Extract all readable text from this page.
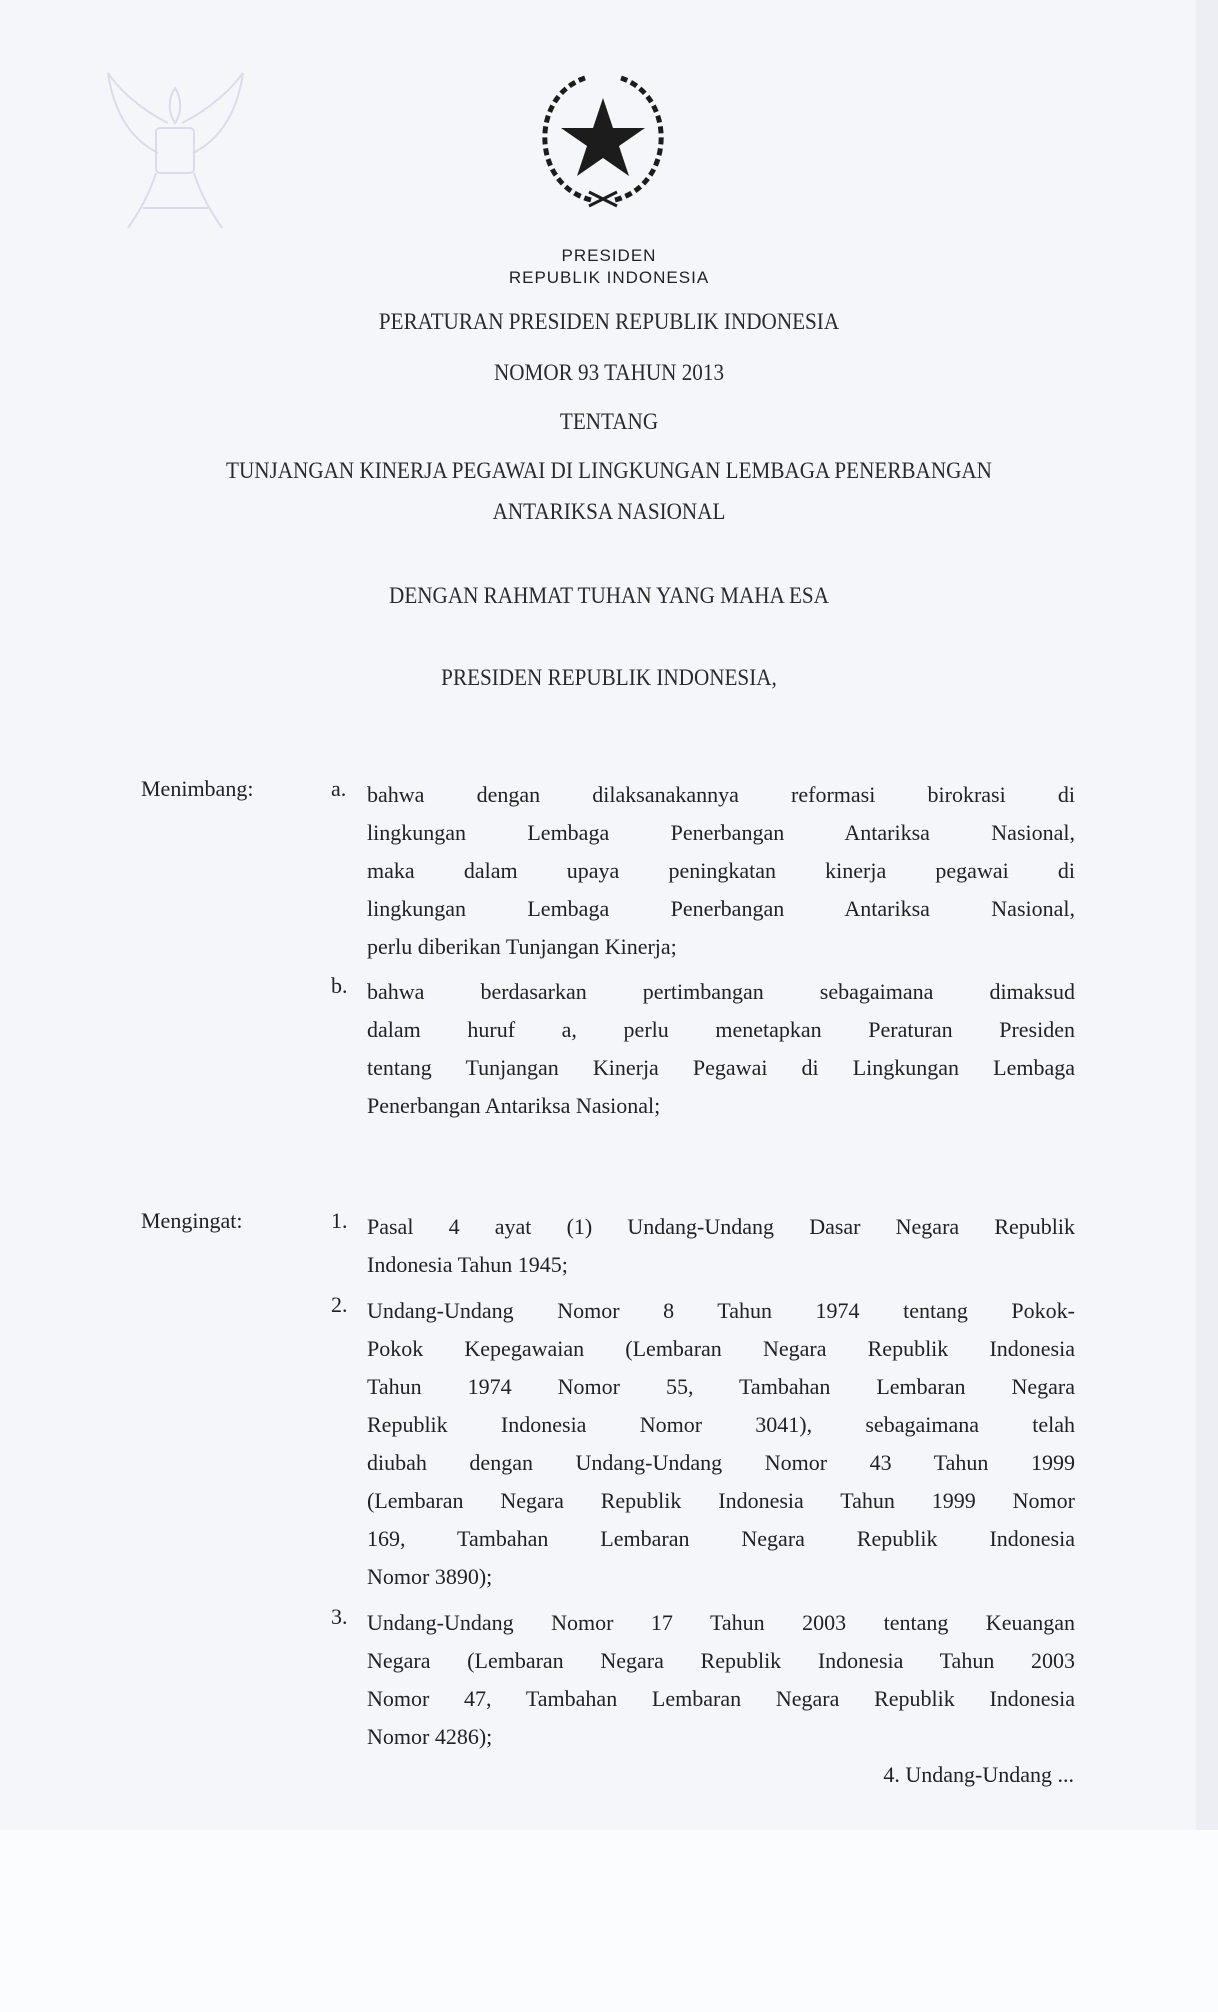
PRESIDEN
REPUBLIK INDONESIA
PERATURAN PRESIDEN REPUBLIK INDONESIA
NOMOR 93 TAHUN 2013
TENTANG
TUNJANGAN KINERJA PEGAWAI DI LINGKUNGAN LEMBAGA PENERBANGAN
ANTARIKSA NASIONAL
DENGAN RAHMAT TUHAN YANG MAHA ESA
PRESIDEN REPUBLIK INDONESIA,
Menimbang:	a. bahwa dengan dilaksanakannya reformasi birokrasi di
lingkungan Lembaga Penerbangan Antariksa Nasional,
maka dalam upaya peningkatan kinerja pegawai di
lingkungan Lembaga Penerbangan Antariksa Nasional,
perlu diberikan Tunjangan Kinerja;
b. bahwa berdasarkan pertimbangan sebagaimana dimaksud
dalam huruf a, perlu menetapkan Peraturan Presiden
tentang Tunjangan Kinerja Pegawai di Lingkungan Lembaga
Penerbangan Antariksa Nasional;
Mengingat:	1. Pasal 4 ayat (1) Undang-Undang Dasar Negara Republik
Indonesia Tahun 1945;
2. Undang-Undang Nomor 8 Tahun 1974 tentang Pokok-
Pokok Kepegawaian (Lembaran Negara Republik Indonesia
Tahun 1974 Nomor 55, Tambahan Lembaran Negara
Republik Indonesia Nomor 3041), sebagaimana telah
diubah dengan Undang-Undang Nomor 43 Tahun 1999
(Lembaran Negara Republik Indonesia Tahun 1999 Nomor
169, Tambahan Lembaran Negara Republik Indonesia
Nomor 3890);
3. Undang-Undang Nomor 17 Tahun 2003 tentang Keuangan
Negara (Lembaran Negara Republik Indonesia Tahun 2003
Nomor 47, Tambahan Lembaran Negara Republik Indonesia
Nomor 4286);
4. Undang-Undang ...
